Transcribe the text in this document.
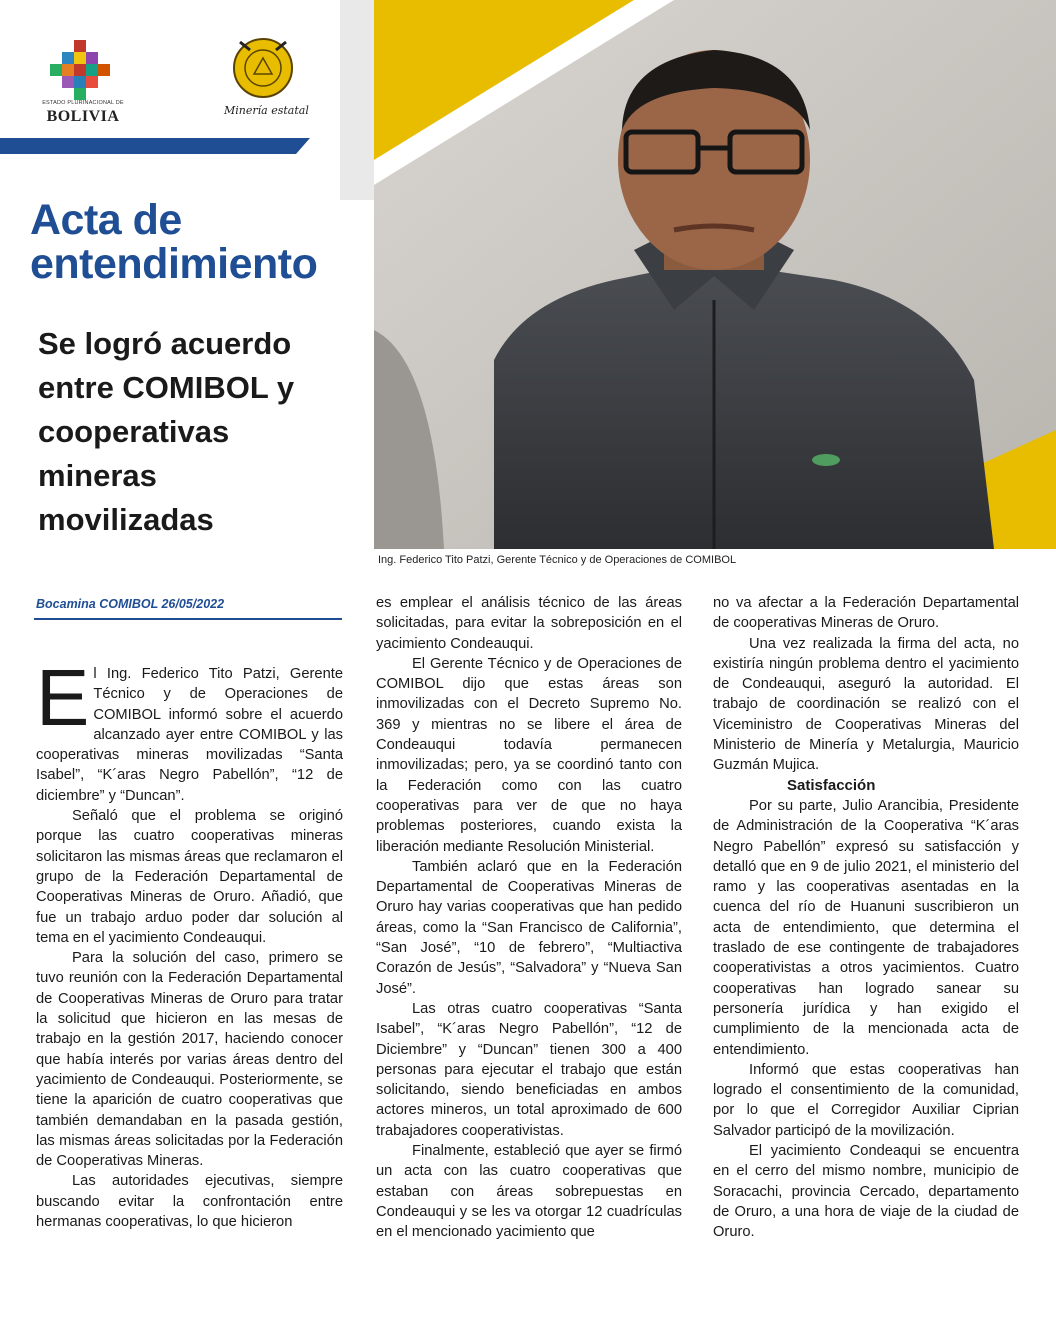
ESTADO PLURINACIONAL DE
BOLIVIA	Minería estatal
Acta de entendimiento
Se logró acuerdo entre COMIBOL y cooperativas mineras movilizadas
Ing. Federico Tito Patzi, Gerente Técnico y de Operaciones de COMIBOL
Bocamina COMIBOL 26/05/2022

El Ing. Federico Tito Patzi, Gerente Técnico y de Operaciones de COMIBOL informó sobre el acuerdo alcanzado ayer entre COMIBOL y las cooperativas mineras movilizadas “Santa Isabel”, “K´aras Negro Pabellón”, “12 de diciembre” y “Duncan”.

Señaló que el problema se originó porque las cuatro cooperativas mineras solicitaron las mismas áreas que reclamaron el grupo de la Federación Departamental de Cooperativas Mineras de Oruro. Añadió, que fue un trabajo arduo poder dar solución al tema en el yacimiento Condeauqui.

Para la solución del caso, primero se tuvo reunión con la Federación Departamental de Cooperativas Mineras de Oruro para tratar la solicitud que hicieron en las mesas de trabajo en la gestión 2017, haciendo conocer que había interés por varias áreas dentro del yacimiento de Condeauqui. Posteriormente, se tiene la aparición de cuatro cooperativas que también demandaban en la pasada gestión, las mismas áreas solicitadas por la Federación de Cooperativas Mineras.

Las autoridades ejecutivas, siempre buscando evitar la confrontación entre hermanas cooperativas, lo que hicieron

es emplear el análisis técnico de las áreas solicitadas, para evitar la sobreposición en el yacimiento Condeauqui.

El Gerente Técnico y de Operaciones de COMIBOL dijo que estas áreas son inmovilizadas con el Decreto Supremo No. 369 y mientras no se libere el área de Condeauqui todavía permanecen inmovilizadas; pero, ya se coordinó tanto con la Federación como con las cuatro cooperativas para ver de que no haya problemas posteriores, cuando exista la liberación mediante Resolución Ministerial.

También aclaró que en la Federación Departamental de Cooperativas Mineras de Oruro hay varias cooperativas que han pedido áreas, como la “San Francisco de California”, “San José”, “10 de febrero”, “Multiactiva Corazón de Jesús”, “Salvadora” y “Nueva San José”.

Las otras cuatro cooperativas “Santa Isabel”, “K´aras Negro Pabellón”, “12 de Diciembre” y “Duncan” tienen 300 a 400 personas para ejecutar el trabajo que están solicitando, siendo beneficiadas en ambos actores mineros, un total aproximado de 600 trabajadores cooperativistas.

Finalmente, estableció que ayer se firmó un acta con las cuatro cooperativas que estaban con áreas sobrepuestas en Condeauqui y se les va otorgar 12 cuadrículas en el mencionado yacimiento que

no va afectar a la Federación Departamental de cooperativas Mineras de Oruro.

Una vez realizada la firma del acta, no existiría ningún problema dentro el yacimiento de Condeauqui, aseguró la autoridad. El trabajo de coordinación se realizó con el Viceministro de Cooperativas Mineras del Ministerio de Minería y Metalurgia, Mauricio Guzmán Mujica.

Satisfacción

Por su parte, Julio Arancibia, Presidente de Administración de la Cooperativa “K´aras Negro Pabellón” expresó su satisfacción y detalló que en 9 de julio 2021, el ministerio del ramo y las cooperativas asentadas en la cuenca del río de Huanuni suscribieron un acta de entendimiento, que determina el traslado de ese contingente de trabajadores cooperativistas a otros yacimientos. Cuatro cooperativas han logrado sanear su personería jurídica y han exigido el cumplimiento de la mencionada acta de entendimiento.

Informó que estas cooperativas han logrado el consentimiento de la comunidad, por lo que el Corregidor Auxiliar Ciprian Salvador participó de la movilización.

El yacimiento Condeaqui se encuentra en el cerro del mismo nombre, municipio de Soracachi, provincia Cercado, departamento de Oruro, a una hora de viaje de la ciudad de Oruro.
